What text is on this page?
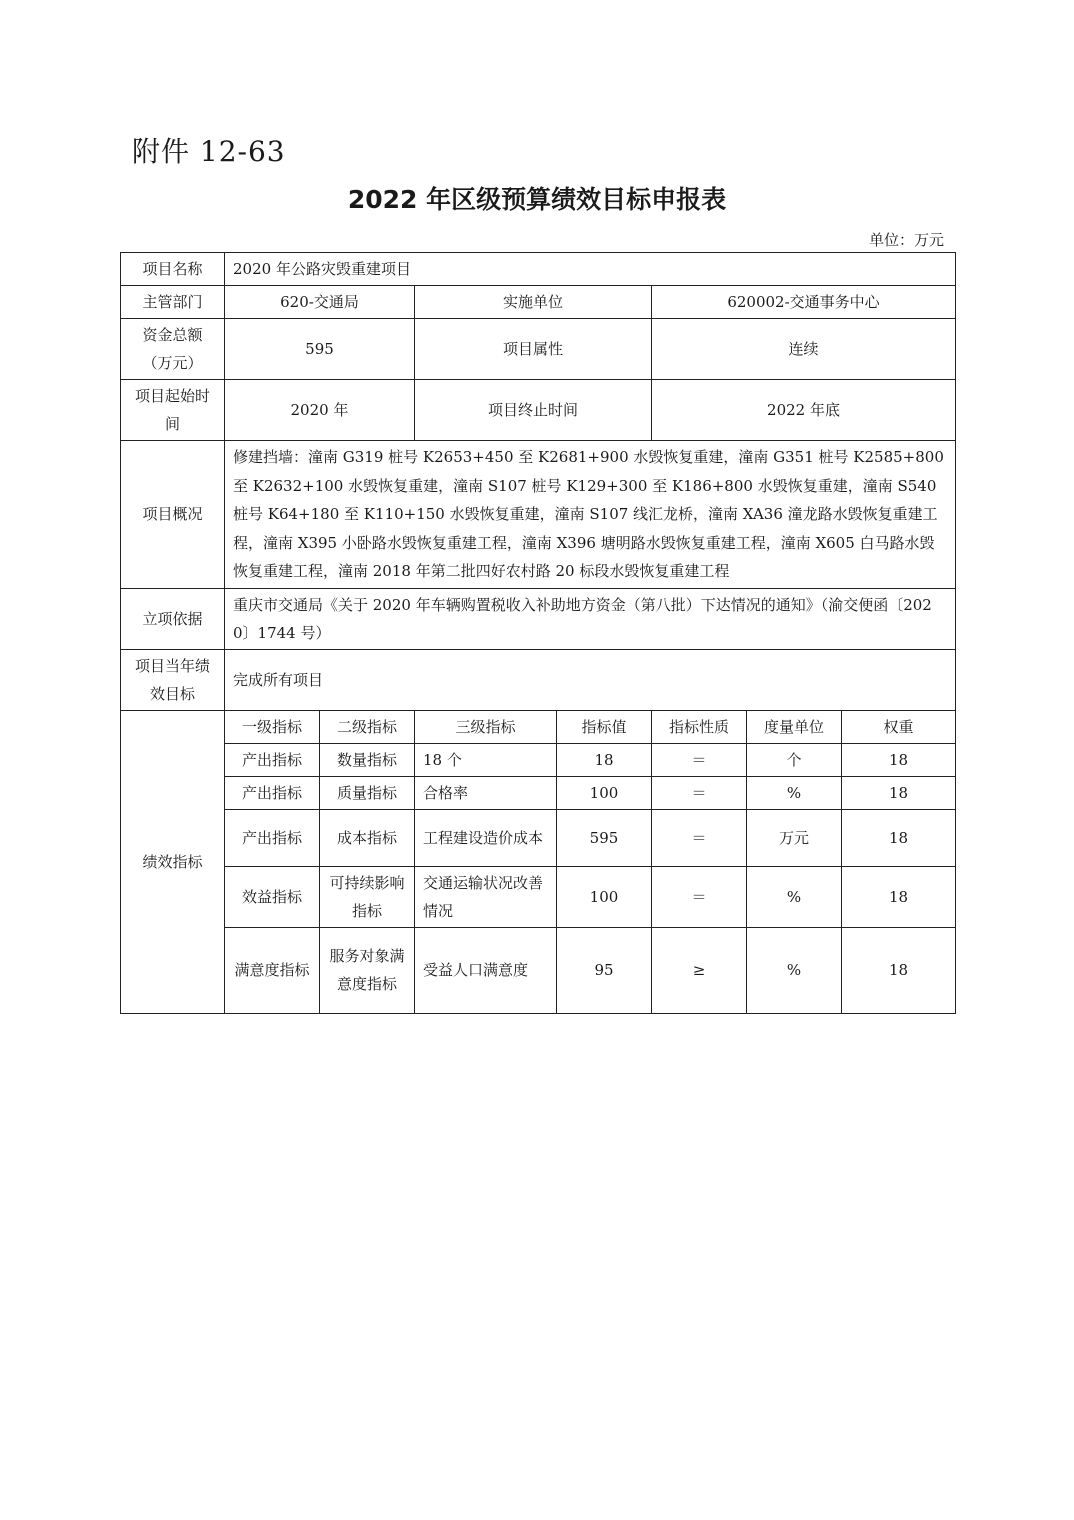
附件 12-63
2022 年区级预算绩效目标申报表
单位：万元
项目名称	2020 年公路灾毁重建项目						
主管部门	620-交通局		实施单位		620002-交通事务中心		
资金总额（万元）	595		项目属性		连续		
项目起始时间	2020 年		项目终止时间		2022 年底		
项目概况	修建挡墙：潼南 G319 桩号 K2653+450 至 K2681+900 水毁恢复重建，潼南 G351 桩号 K2585+800 至 K2632+100 水毁恢复重建，潼南 S107 桩号 K129+300 至 K186+800 水毁恢复重建，潼南 S540 桩号 K64+180 至 K110+150 水毁恢复重建，潼南 S107 线汇龙桥，潼南 XA36 潼龙路水毁恢复重建工程，潼南 X395 小卧路水毁恢复重建工程，潼南 X396 塘明路水毁恢复重建工程，潼南 X605 白马路水毁恢复重建工程，潼南 2018 年第二批四好农村路 20 标段水毁恢复重建工程						
立项依据	重庆市交通局《关于 2020 年车辆购置税收入补助地方资金（第八批）下达情况的通知》（渝交便函〔2020〕1744 号）						
项目当年绩效目标	完成所有项目						
绩效指标	一级指标	二级指标	三级指标	指标值	指标性质	度量单位	权重
	产出指标	数量指标	18 个	18	＝	个	18
	产出指标	质量指标	合格率	100	＝	%	18
	产出指标	成本指标	工程建设造价成本	595	＝	万元	18
	效益指标	可持续影响指标	交通运输状况改善情况	100	＝	%	18
	满意度指标	服务对象满意度指标	受益人口满意度	95	≥	%	18
